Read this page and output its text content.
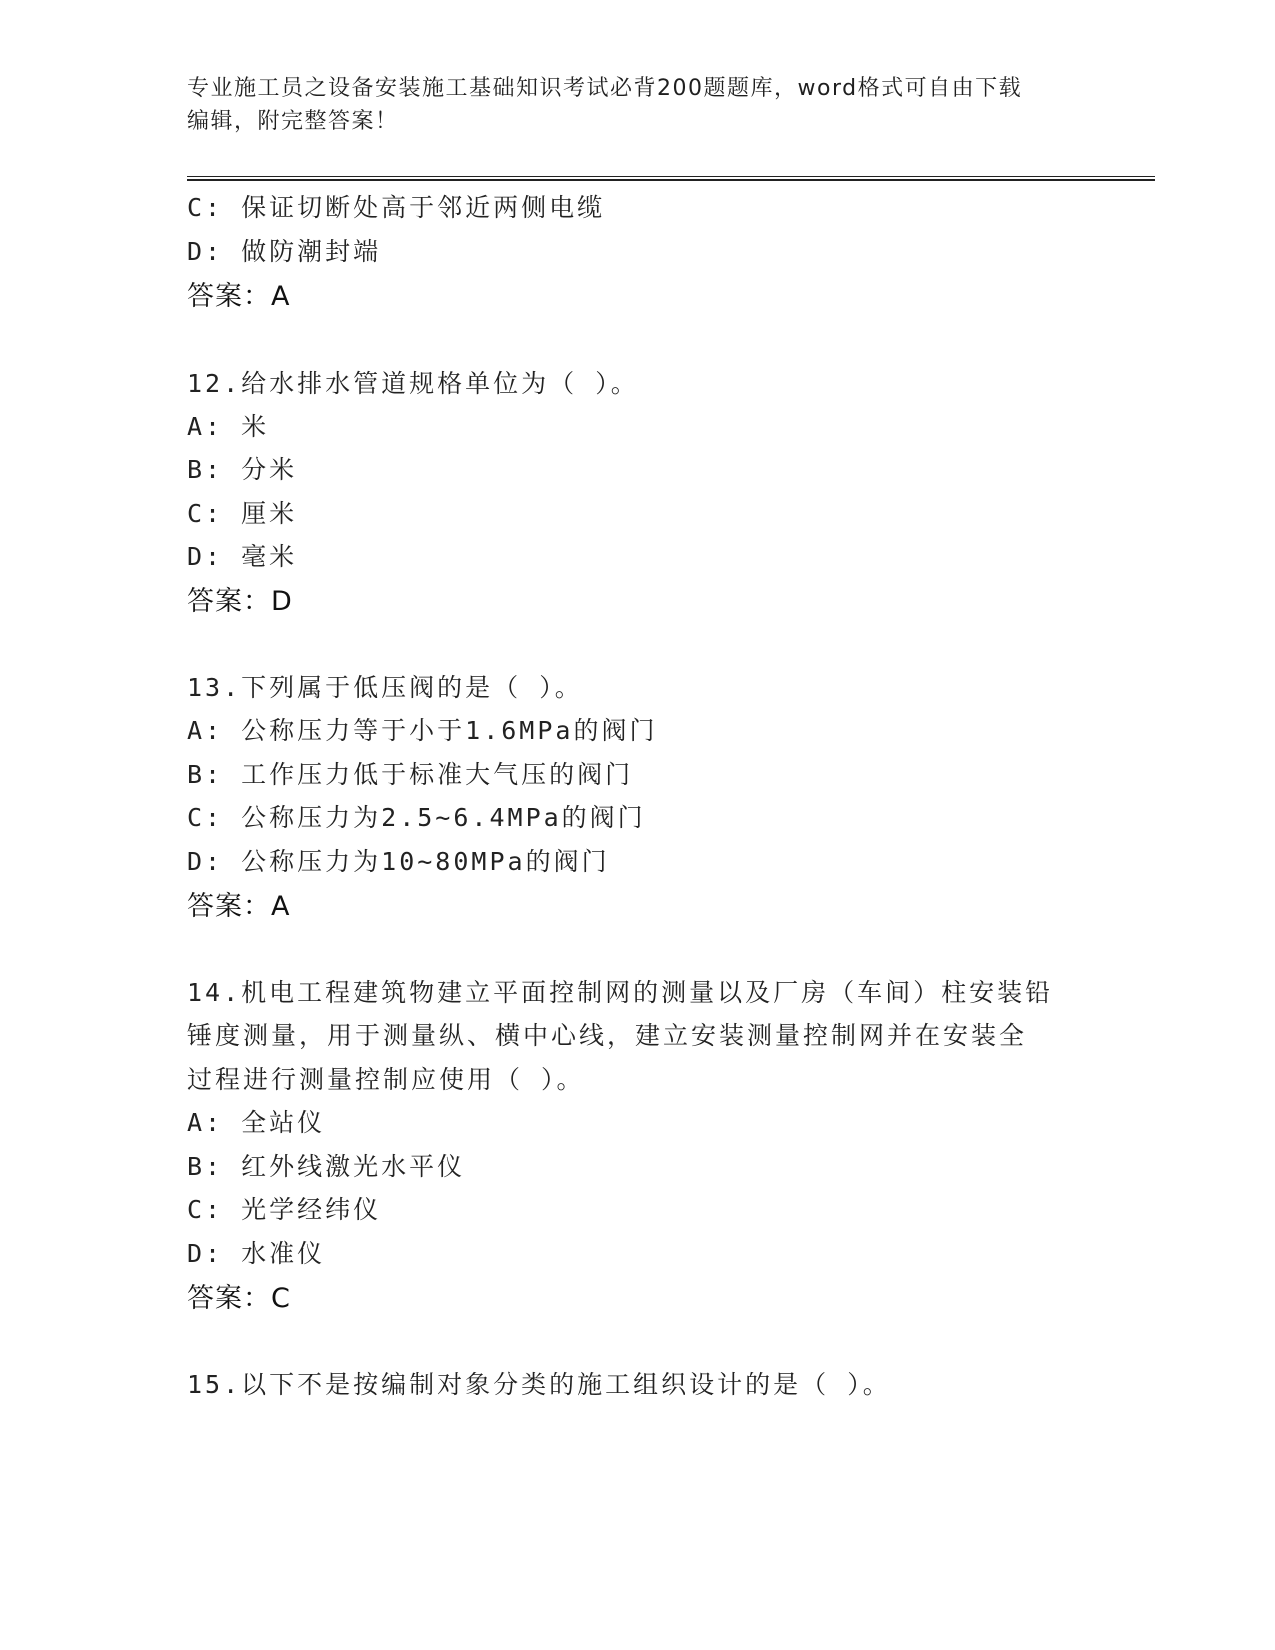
专业施工员之设备安装施工基础知识考试必背200题题库，word格式可自由下载
编辑，附完整答案！
C: 保证切断处高于邻近两侧电缆
D: 做防潮封端
答案：A
12.给水排水管道规格单位为（ ）。
A: 米
B: 分米
C: 厘米
D: 毫米
答案：D
13.下列属于低压阀的是（ ）。
A: 公称压力等于小于1.6MPa的阀门
B: 工作压力低于标准大气压的阀门
C: 公称压力为2.5~6.4MPa的阀门
D: 公称压力为10~80MPa的阀门
答案：A
14.机电工程建筑物建立平面控制网的测量以及厂房（车间）柱安装铅
锤度测量，用于测量纵、横中心线，建立安装测量控制网并在安装全
过程进行测量控制应使用（ ）。
A: 全站仪
B: 红外线激光水平仪
C: 光学经纬仪
D: 水准仪
答案：C
15.以下不是按编制对象分类的施工组织设计的是（ ）。
